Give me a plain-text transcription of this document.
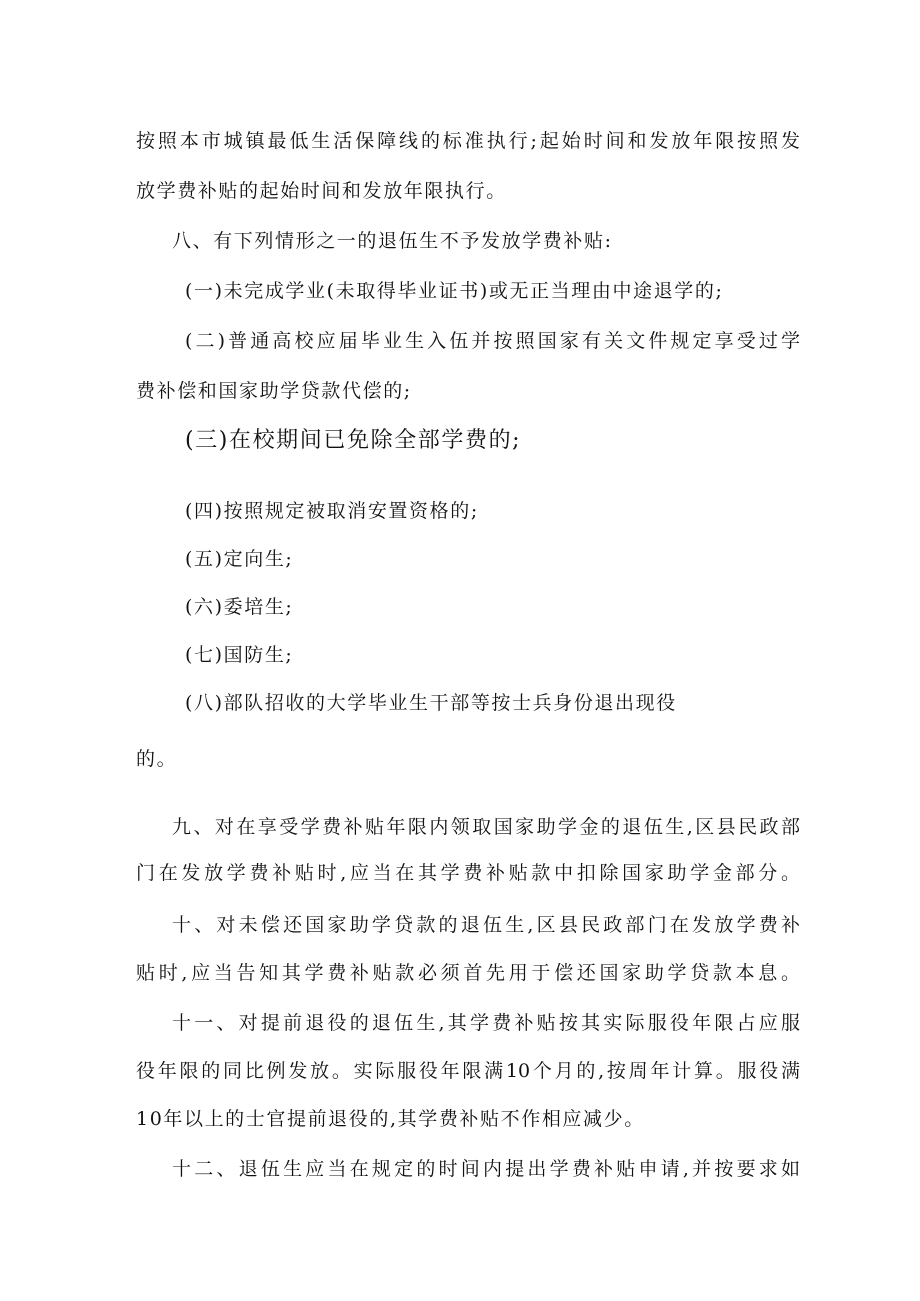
按照本市城镇最低生活保障线的标准执行;起始时间和发放年限按照发
放学费补贴的起始时间和发放年限执行。
八、有下列情形之一的退伍生不予发放学费补贴:
(一)未完成学业(未取得毕业证书)或无正当理由中途退学的;
(二)普通高校应届毕业生入伍并按照国家有关文件规定享受过学
费补偿和国家助学贷款代偿的;
(三)在校期间已免除全部学费的;
(四)按照规定被取消安置资格的;
(五)定向生;
(六)委培生;
(七)国防生;
(八)部队招收的大学毕业生干部等按士兵身份退出现役
的。
九、对在享受学费补贴年限内领取国家助学金的退伍生,区县民政部
门在发放学费补贴时,应当在其学费补贴款中扣除国家助学金部分。
十、对未偿还国家助学贷款的退伍生,区县民政部门在发放学费补
贴时,应当告知其学费补贴款必须首先用于偿还国家助学贷款本息。
十一、对提前退役的退伍生,其学费补贴按其实际服役年限占应服
役年限的同比例发放。实际服役年限满10个月的,按周年计算。服役满
10年以上的士官提前退役的,其学费补贴不作相应减少。
十二、退伍生应当在规定的时间内提出学费补贴申请,并按要求如
